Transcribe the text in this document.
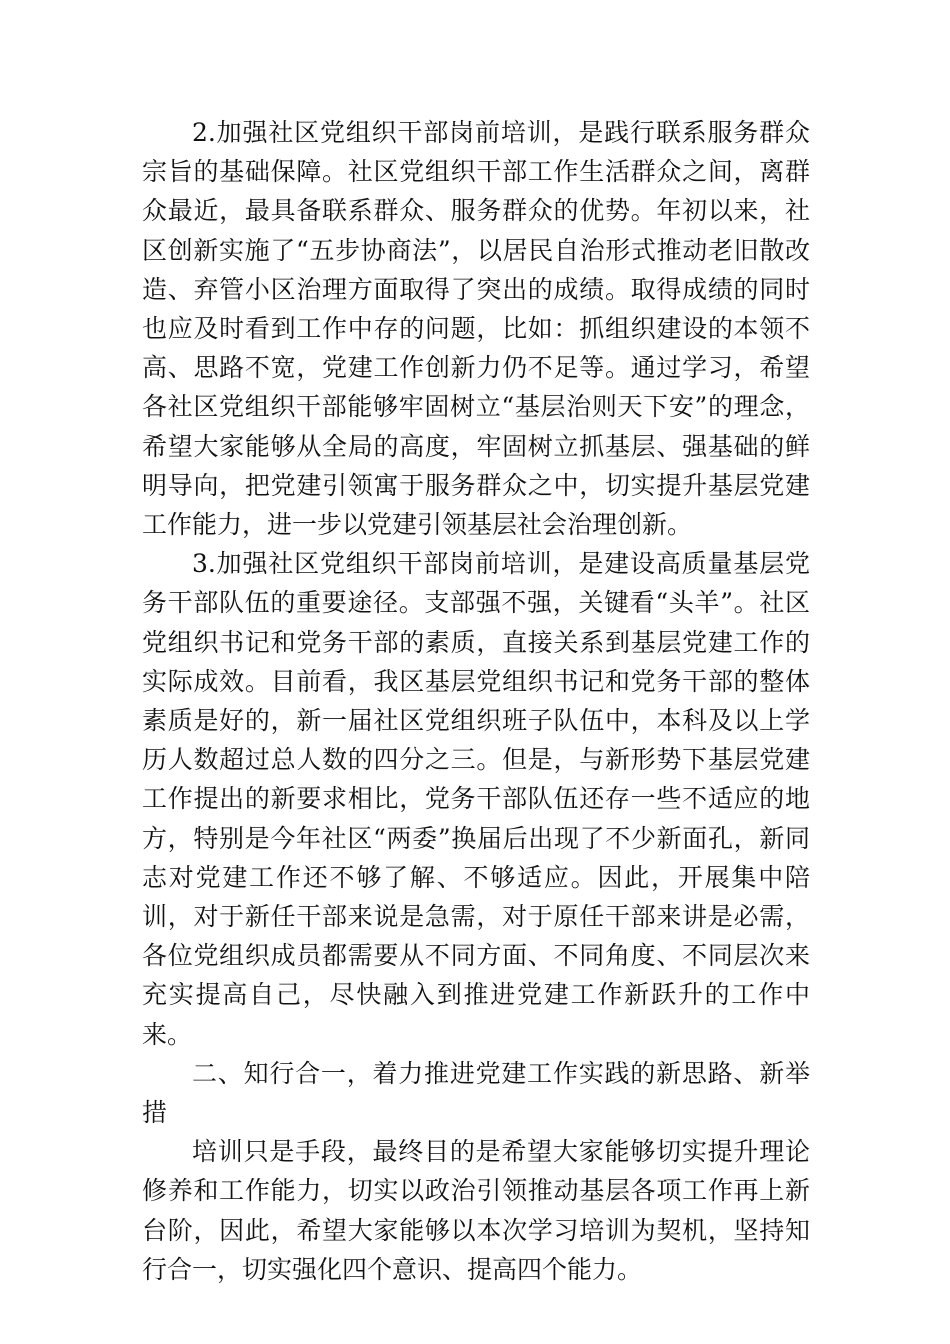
2.加强社区党组织干部岗前培训，是践行联系服务群众宗旨的基础保障。社区党组织干部工作生活群众之间，离群众最近，最具备联系群众、服务群众的优势。年初以来，社区创新实施了“五步协商法”，以居民自治形式推动老旧散改造、弃管小区治理方面取得了突出的成绩。取得成绩的同时也应及时看到工作中存的问题，比如：抓组织建设的本领不高、思路不宽，党建工作创新力仍不足等。通过学习，希望各社区党组织干部能够牢固树立“基层治则天下安”的理念，希望大家能够从全局的高度，牢固树立抓基层、强基础的鲜明导向，把党建引领寓于服务群众之中，切实提升基层党建工作能力，进一步以党建引领基层社会治理创新。

3.加强社区党组织干部岗前培训，是建设高质量基层党务干部队伍的重要途径。支部强不强，关键看“头羊”。社区党组织书记和党务干部的素质，直接关系到基层党建工作的实际成效。目前看，我区基层党组织书记和党务干部的整体素质是好的，新一届社区党组织班子队伍中，本科及以上学历人数超过总人数的四分之三。但是，与新形势下基层党建工作提出的新要求相比，党务干部队伍还存一些不适应的地方，特别是今年社区“两委”换届后出现了不少新面孔，新同志对党建工作还不够了解、不够适应。因此，开展集中陪训，对于新任干部来说是急需，对于原任干部来讲是必需，各位党组织成员都需要从不同方面、不同角度、不同层次来充实提高自己，尽快融入到推进党建工作新跃升的工作中来。

二、知行合一，着力推进党建工作实践的新思路、新举措

培训只是手段，最终目的是希望大家能够切实提升理论修养和工作能力，切实以政治引领推动基层各项工作再上新台阶，因此，希望大家能够以本次学习培训为契机，坚持知行合一，切实强化四个意识、提高四个能力。
